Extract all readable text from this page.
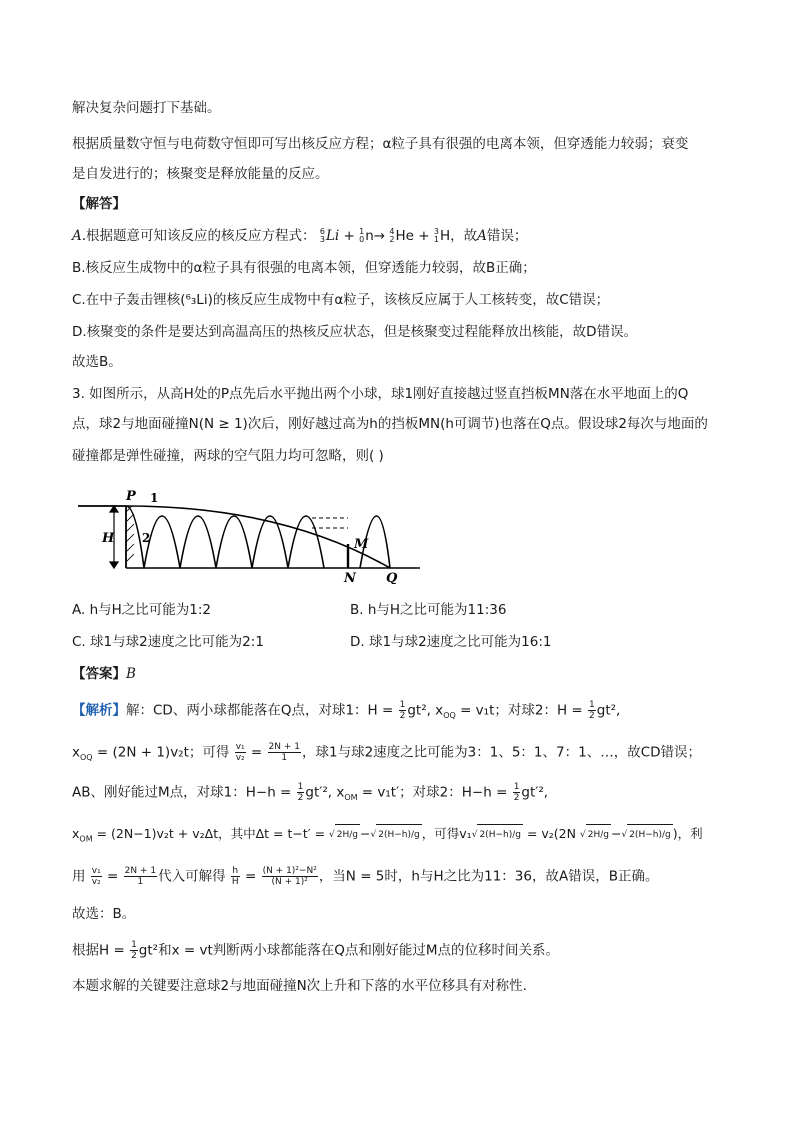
解决复杂问题打下基础。
根据质量数守恒与电荷数守恒即可写出核反应方程；α粒子具有很强的电离本领，但穿透能力较弱；衰变
是自发进行的；核聚变是释放能量的反应。
【解答】
A.根据题意可知该反应的核反应方程式： 6
3 Li + 1
0 n→ 4
2 He + 3
1 H，故A错误；
B.核反应生成物中的α粒子具有很强的电离本领，但穿透能力较弱，故B正确；
C.在中子轰击锂核(⁶₃Li)的核反应生成物中有α粒子，该核反应属于人工核转变，故C错误；
D.核聚变的条件是要达到高温高压的热核反应状态，但是核聚变过程能释放出核能，故D错误。
故选B。
3. 如图所示，从高H处的P点先后水平抛出两个小球，球1刚好直接越过竖直挡板MN落在水平地面上的Q
点，球2与地面碰撞N(N ≥ 1)次后，刚好越过高为h的挡板MN(h可调节)也落在Q点。假设球2每次与地面的
碰撞都是弹性碰撞，两球的空气阻力均可忽略，则( )
A. h与H之比可能为1:2	B. h与H之比可能为11:36
C. 球1与球2速度之比可能为2:1	D. 球1与球2速度之比可能为16:1
【答案】B
【解析】解：CD、两小球都能落在Q点，对球1：$H = \frac{1}{2} gt^2$, $x_{OQ} = v_1t$；对球2：$H = \frac{1}{2} gt^2$,
$x_{OQ} = (2N + 1)v_2t$；可得 $\frac{\text{v₁}}{\text{v₂}} = \frac{2N + 1}{1}$ ，球1与球2速度之比可能为3：1、5：1、7：1、…，故CD错误；
AB、刚好能过M点，对球1：$H-h = \frac{1}{2} gt'^2$, $x_{OM} = v_1t'$；对球2：$H-h = \frac{1}{2} gt'^2$,
$x_{OM} = (2N-1)v_2t + v_2\Delta t$，其中Δt = t−t′ = √ 2H/g −√ 2(H−h)/g ，可得v₁√ 2(H−h)/g = v₂(2N √ 2H/g −√ 2(H−h)/g )，利
用 $\frac{\text{v₁}}{\text{v₂}} = \frac{2N + 1}{1}$ 代入可解得 $\frac{h}{H} = \frac{\text{(N + 1)²−N²}}{\text{(N + 1)²}}$ ，当N = 5时，h与H之比为11：36，故A错误，B正确。
故选：B。
根据$H = \frac{1}{2} gt^2$和x = vt判断两小球都能落在Q点和刚好能过M点的位移时间关系。
本题求解的关键要注意球2与地面碰撞N次上升和下落的水平位移具有对称性.
P 1
2
H	M
N Q
